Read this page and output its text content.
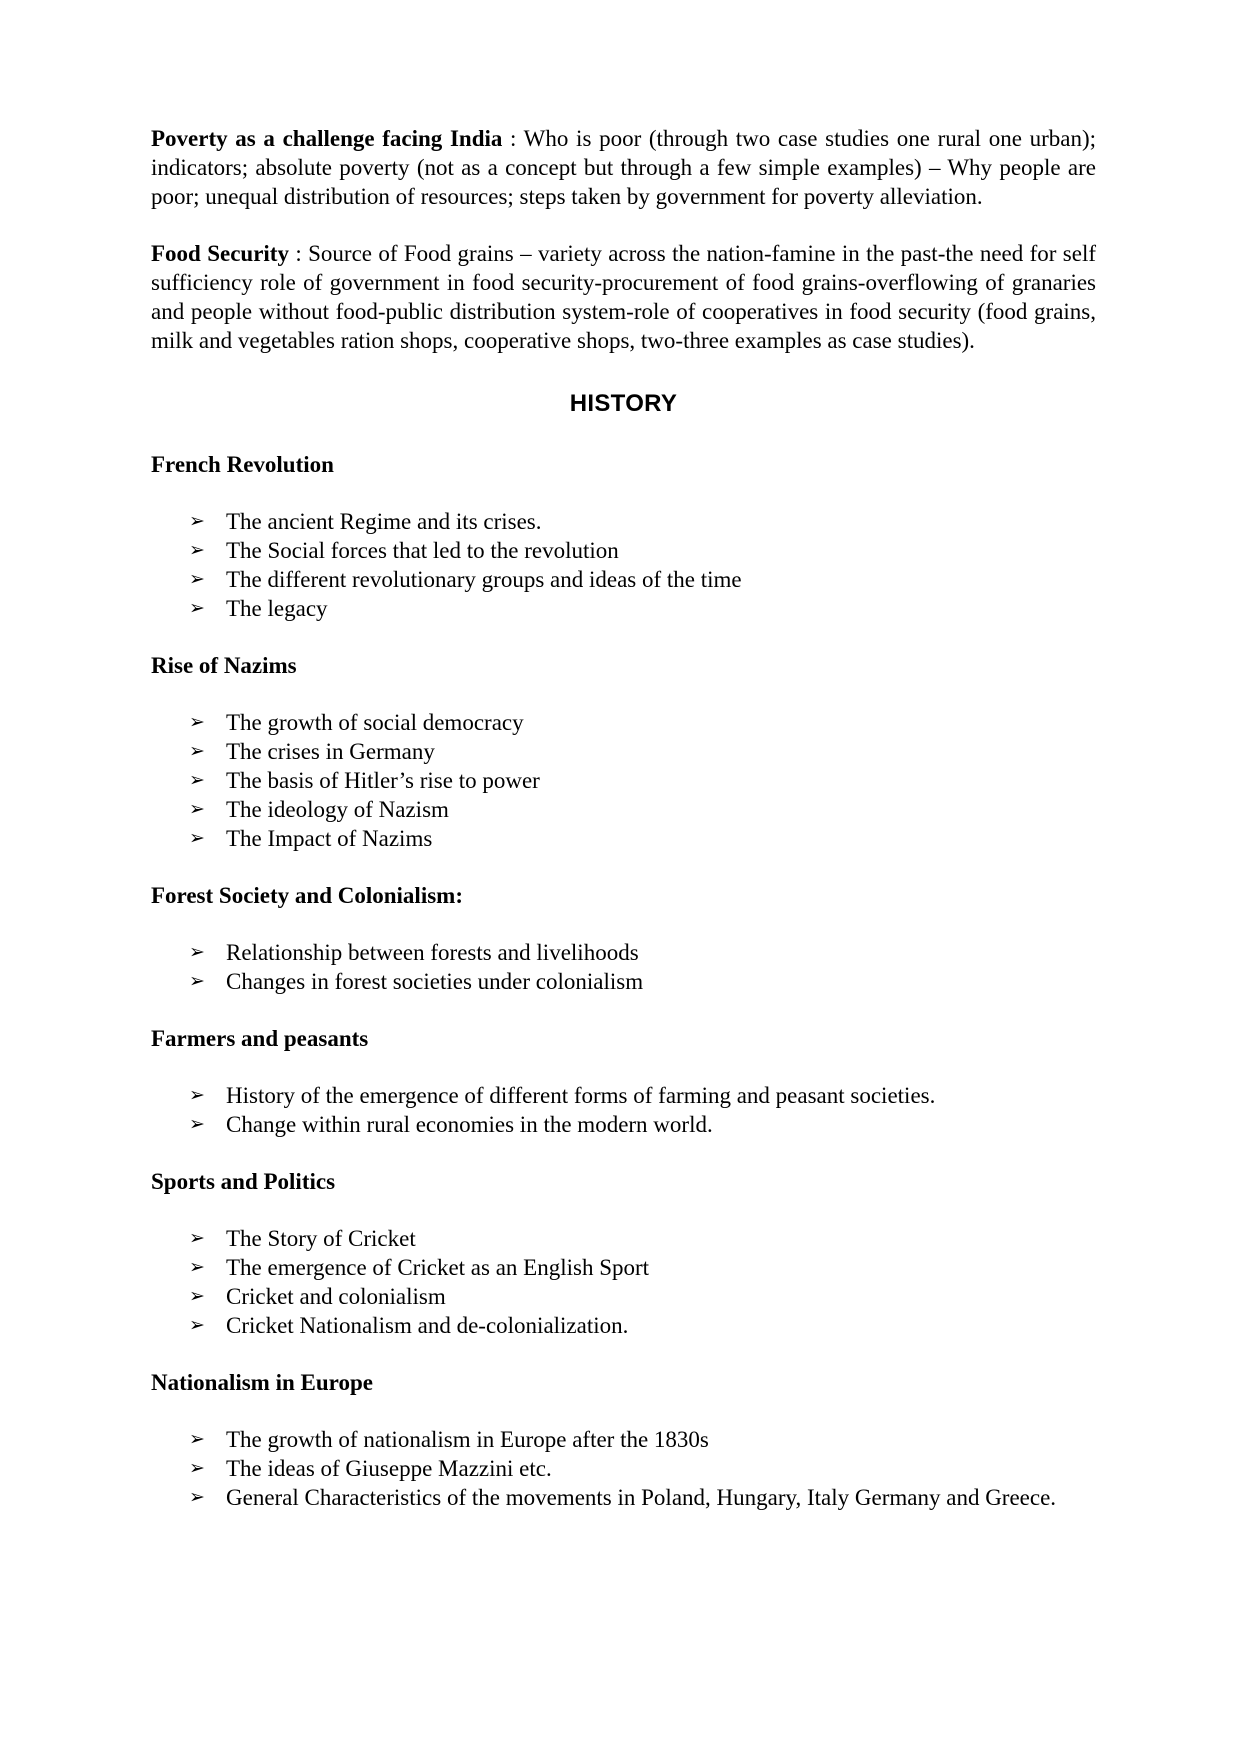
Poverty as a challenge facing India : Who is poor (through two case studies one rural one urban); indicators; absolute poverty (not as a concept but through a few simple examples) – Why people are poor; unequal distribution of resources; steps taken by government for poverty alleviation.

Food Security : Source of Food grains – variety across the nation-famine in the past-the need for self sufficiency role of government in food security-procurement of food grains-overflowing of granaries and people without food-public distribution system-role of cooperatives in food security (food grains, milk and vegetables ration shops, cooperative shops, two-three examples as case studies).

HISTORY
French Revolution
➢ The ancient Regime and its crises.
➢ The Social forces that led to the revolution
➢ The different revolutionary groups and ideas of the time
➢ The legacy
Rise of Nazims
➢ The growth of social democracy
➢ The crises in Germany
➢ The basis of Hitler’s rise to power
➢ The ideology of Nazism
➢ The Impact of Nazims
Forest Society and Colonialism:
➢ Relationship between forests and livelihoods
➢ Changes in forest societies under colonialism
Farmers and peasants
➢ History of the emergence of different forms of farming and peasant societies.
➢ Change within rural economies in the modern world.
Sports and Politics
➢ The Story of Cricket
➢ The emergence of Cricket as an English Sport
➢ Cricket and colonialism
➢ Cricket Nationalism and de-colonialization.
Nationalism in Europe
➢ The growth of nationalism in Europe after the 1830s
➢ The ideas of Giuseppe Mazzini etc.
➢ General Characteristics of the movements in Poland, Hungary, Italy Germany and Greece.
